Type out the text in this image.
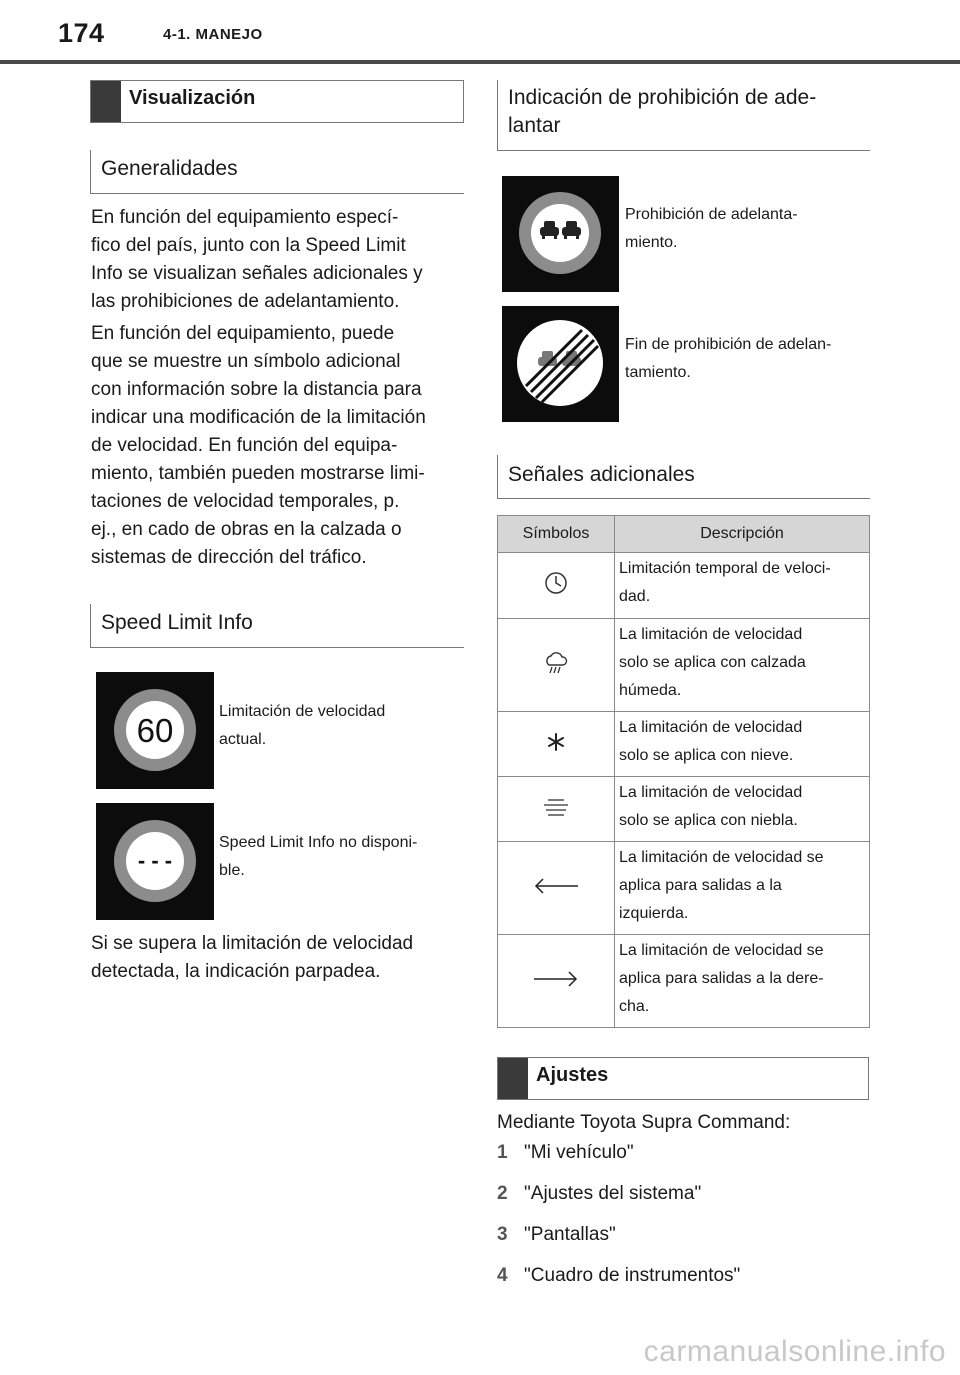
174	4-1. MANEJO
Visualización
Generalidades
En función del equipamiento especí-
fico del país, junto con la Speed Limit
Info se visualizan señales adicionales y
las prohibiciones de adelantamiento.
En función del equipamiento, puede
que se muestre un símbolo adicional
con información sobre la distancia para
indicar una modificación de la limitación
de velocidad. En función del equipa-
miento, también pueden mostrarse limi-
taciones de velocidad temporales, p.
ej., en cado de obras en la calzada o
sistemas de dirección del tráfico.
Speed Limit Info
60
Limitación de velocidad
actual.
- - -
Speed Limit Info no disponi-
ble.
Si se supera la limitación de velocidad
detectada, la indicación parpadea.
Indicación de prohibición de ade-
lantar
Prohibición de adelanta-
miento.
Fin de prohibición de adelan-
tamiento.
Señales adicionales
Símbolos	Descripción

Limitación temporal de veloci-
dad.

La limitación de velocidad
solo se aplica con calzada
húmeda.

La limitación de velocidad
solo se aplica con nieve.

La limitación de velocidad
solo se aplica con niebla.

La limitación de velocidad se
aplica para salidas a la
izquierda.

La limitación de velocidad se
aplica para salidas a la dere-
cha.
Ajustes
Mediante Toyota Supra Command:
1 "Mi vehículo"
2 "Ajustes del sistema"
3 "Pantallas"
4 "Cuadro de instrumentos"
carmanualsonline.info
